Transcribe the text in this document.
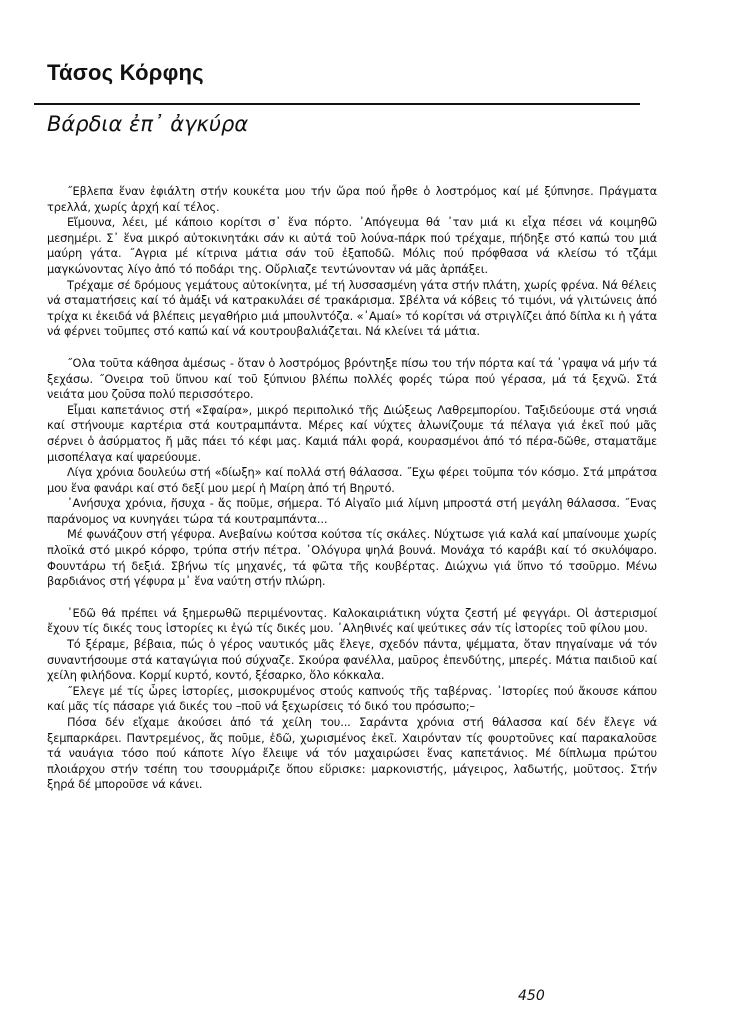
Τάσος Κόρφης
Βάρδια ἐπ᾽ ἀγκύρα

˝Εβλεπα ἕναν ἐφιάλτη στήν κουκέτα μου τήν ὥρα πού ἦρθε ὁ λοστρόμος καί μέ ξύπνησε. Πράγματα τρελλά, χωρίς ἀρχή καί τέλος.

Εἴμουνα, λέει, μέ κάποιο κορίτσι σ᾽ ἕνα πόρτο. ᾽Απόγευμα θά ᾽ταν μιά κι εἶχα πέσει νά κοιμηθῶ μεσημέρι. Σ᾽ ἕνα μικρό αὐτοκινητάκι σάν κι αὐτά τοῦ λούνα-πάρκ πού τρέχαμε, πήδηξε στό καπώ του μιά μαύρη γάτα. ˝Αγρια μέ κίτρινα μάτια σάν τοῦ ἐξαποδῶ. Μόλις πού πρόφθασα νά κλείσω τό τζάμι μαγκώνοντας λίγο ἀπό τό ποδάρι της. Οὔρλιαζε τεντώνονταν νά μᾶς ἁρπάξει.

Τρέχαμε σέ δρόμους γεμάτους αὐτοκίνητα, μέ τή λυσσασμένη γάτα στήν πλάτη, χωρίς φρένα. Νά θέλεις νά σταματήσεις καί τό ἁμάξι νά κατρακυλάει σέ τρακάρισμα. Σβέλτα νά κόβεις τό τιμόνι, νά γλιτώνεις ἀπό τρίχα κι ἐκειδά νά βλέπεις μεγαθήριο μιά μπουλντόζα. «᾽Αμαί» τό κορίτσι νά στριγλίζει ἀπό δίπλα κι ἡ γάτα νά φέρνει τοῦμπες στό καπώ καί νά κουτρουβαλιάζεται. Νά κλείνει τά μάτια.

˝Ολα τοῦτα κάθησα ἀμέσως - ὅταν ὁ λοστρόμος βρόντηξε πίσω του τήν πόρτα καί τά ᾽γραψα νά μήν τά ξεχάσω. ˝Ονειρα τοῦ ὕπνου καί τοῦ ξύπνιου βλέπω πολλές φορές τώρα πού γέρασα, μά τά ξεχνῶ. Στά νειάτα μου ζοῦσα πολύ περισσότερο.

Εἶμαι καπετάνιος στή «Σφαίρα», μικρό περιπολικό τῆς Διώξεως Λαθρεμπορίου. Ταξιδεύουμε στά νησιά καί στήνουμε καρτέρια στά κουτραμπάντα. Μέρες καί νύχτες ἁλωνίζουμε τά πέλαγα γιά ἐκεῖ πού μᾶς σέρνει ὁ ἀσύρματος ἤ μᾶς πάει τό κέφι μας. Καμιά πάλι φορά, κουρασμένοι ἀπό τό πέρα-δῶθε, σταματᾶμε μισοπέλαγα καί ψαρεύουμε.

Λίγα χρόνια δουλεύω στή «δίωξη» καί πολλά στή θάλασσα. ˝Εχω φέρει τοῦμπα τόν κόσμο. Στά μπράτσα μου ἕνα φανάρι καί στό δεξί μου μερί ἡ Μαίρη ἀπό τή Βηρυτό.

᾽Ανήσυχα χρόνια, ἥσυχα - ἄς ποῦμε, σήμερα. Τό Αἰγαῖο μιά λίμνη μπροστά στή μεγάλη θάλασσα. ˝Ενας παράνομος να κυνηγάει τώρα τά κουτραμπάντα...

Μέ φωνάζουν στή γέφυρα. Ανεβαίνω κούτσα κούτσα τίς σκάλες. Νύχτωσε γιά καλά καί μπαίνουμε χωρίς πλοϊκά στό μικρό κόρφο, τρύπα στήν πέτρα. ᾽Ολόγυρα ψηλά βουνά. Μονάχα τό καράβι καί τό σκυλόψαρο. Φουντάρω τή δεξιά. Σβήνω τίς μηχανές, τά φῶτα τῆς κουβέρτας. Διώχνω γιά ὕπνο τό τσοῦρμο. Μένω βαρδιάνος στή γέφυρα μ᾽ ἕνα ναύτη στήν πλώρη.

᾽Εδῶ θά πρέπει νά ξημερωθῶ περιμένοντας. Καλοκαιριάτικη νύχτα ζεστή μέ φεγγάρι. Οἱ ἀστερισμοί ἔχουν τίς δικές τους ἱστορίες κι ἐγώ τίς δικές μου. ᾽Αληθινές καί ψεύτικες σάν τίς ἱστορίες τοῦ φίλου μου.

Τό ξέραμε, βέβαια, πώς ὁ γέρος ναυτικός μᾶς ἔλεγε, σχεδόν πάντα, ψέμματα, ὅταν πηγαίναμε νά τόν συναντήσουμε στά καταγώγια πού σύχναζε. Σκούρα φανέλλα, μαῦρος ἐπενδύτης, μπερές. Μάτια παιδιοῦ καί χείλη φιλήδονα. Κορμί κυρτό, κοντό, ξέσαρκο, ὅλο κόκκαλα.

˝Ελεγε μέ τίς ὧρες ἱστορίες, μισοκρυμένος στούς καπνούς τῆς ταβέρνας. ᾽Ιστορίες πού ἄκουσε κάπου καί μᾶς τίς πάσαρε γιά δικές του –ποῦ νά ξεχωρίσεις τό δικό του πρόσωπο;–

Πόσα δέν εἴχαμε ἀκούσει ἀπό τά χείλη του... Σαράντα χρόνια στή θάλασσα καί δέν ἔλεγε νά ξεμπαρκάρει. Παντρεμένος, ἄς ποῦμε, ἐδῶ, χωρισμένος ἐκεῖ. Χαιρόνταν τίς φουρτοῦνες καί παρακαλοῦσε τά ναυάγια τόσο πού κάποτε λίγο ἔλειψε νά τόν μαχαιρώσει ἕνας καπετάνιος. Μέ δίπλωμα πρώτου πλοιάρχου στήν τσέπη του τσουρμάριζε ὅπου εὕρισκε: μαρκονιστής, μάγειρος, λαδωτής, μοῦτσος. Στήν ξηρά δέ μποροῦσε νά κάνει.

450
